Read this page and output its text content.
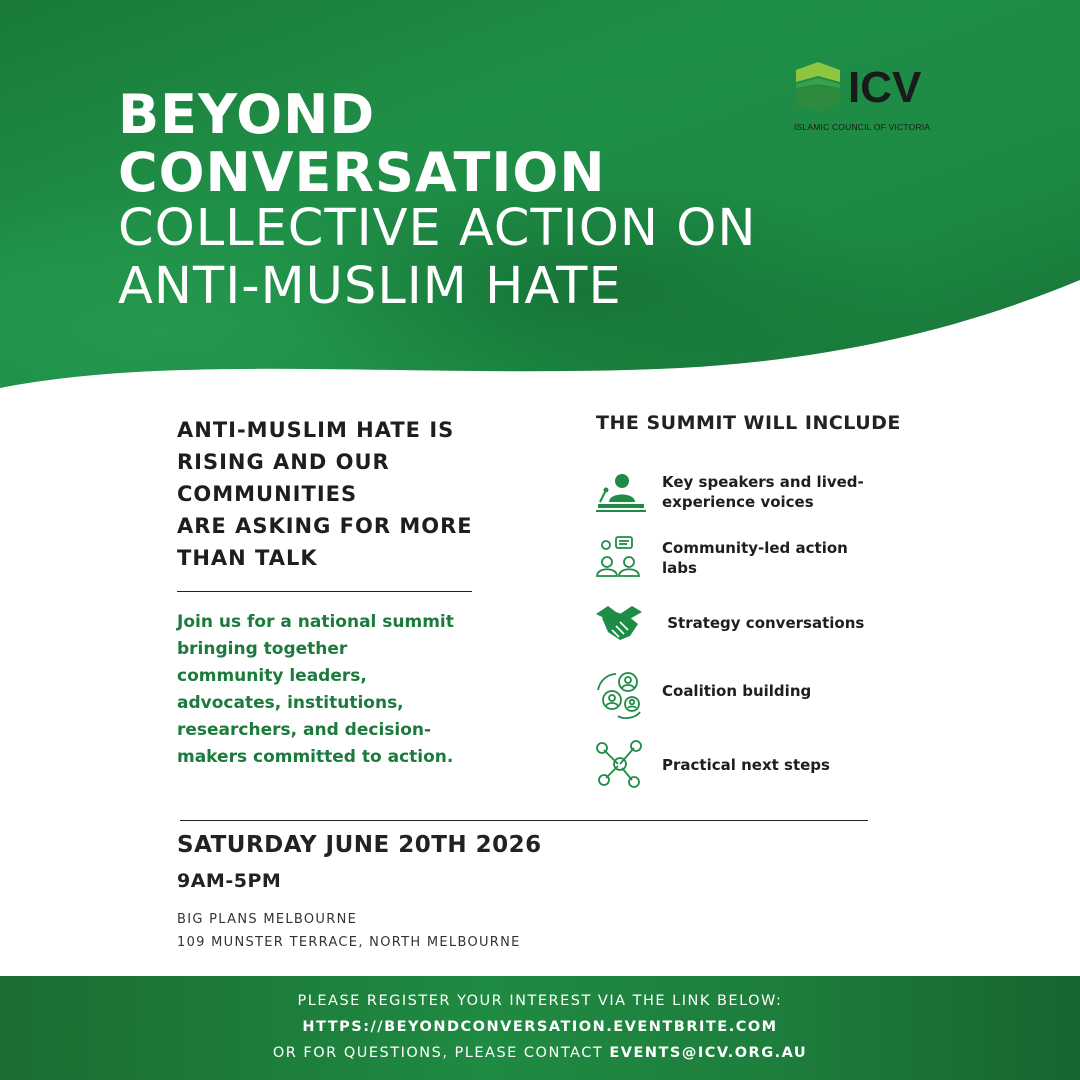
BEYOND
CONVERSATION
COLLECTIVE ACTION ON
ANTI-MUSLIM HATE
ICV
ISLAMIC COUNCIL OF VICTORIA
ANTI-MUSLIM HATE IS
RISING AND OUR
COMMUNITIES
ARE ASKING FOR MORE
THAN TALK
Join us for a national summit
bringing together
community leaders,
advocates, institutions,
researchers, and decision-
makers committed to action.
THE SUMMIT WILL INCLUDE
Key speakers and lived-
experience voices
Community-led action
labs
Strategy conversations
Coalition building
Practical next steps
SATURDAY JUNE 20TH 2026
9AM-5PM
BIG PLANS MELBOURNE
109 MUNSTER TERRACE, NORTH MELBOURNE
PLEASE REGISTER YOUR INTEREST VIA THE LINK BELOW:
HTTPS://BEYONDCONVERSATION.EVENTBRITE.COM
OR FOR QUESTIONS, PLEASE CONTACT EVENTS@ICV.ORG.AU
